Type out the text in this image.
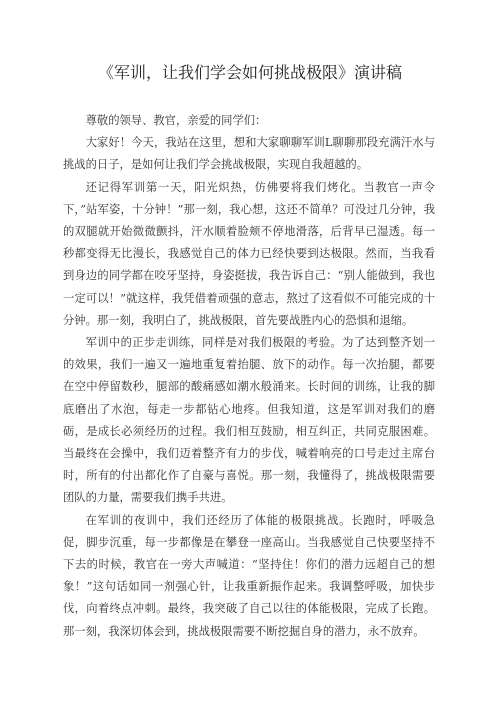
《军训，让我们学会如何挑战极限》演讲稿

尊敬的领导、教官，亲爱的同学们：

大家好！今天，我站在这里，想和大家聊聊军训L聊聊那段充满汗水与挑战的日子，是如何让我们学会挑战极限，实现自我超越的。

还记得军训第一天，阳光炽热，仿佛要将我们烤化。当教官一声令下，”站军姿，十分钟！”那一刻，我心想，这还不简单？可没过几分钟，我的双腿就开始微微颤抖，汗水顺着脸颊不停地滑落，后背早已湿透。每一秒都变得无比漫长，我感觉自己的体力已经快要到达极限。然而，当我看到身边的同学都在咬牙坚持，身姿挺拔，我告诉自己：“别人能做到，我也一定可以！”就这样，我凭借着顽强的意志，熬过了这看似不可能完成的十分钟。那一刻，我明白了，挑战极限，首先要战胜内心的恐惧和退缩。

军训中的正步走训练，同样是对我们极限的考验。为了达到整齐划一的效果，我们一遍又一遍地重复着抬腿、放下的动作。每一次抬腿，都要在空中停留数秒，腿部的酸痛感如潮水般涌来。长时间的训练，让我的脚底磨出了水泡，每走一步都钻心地疼。但我知道，这是军训对我们的磨砺，是成长必须经历的过程。我们相互鼓励，相互纠正，共同克服困难。当最终在会操中，我们迈着整齐有力的步伐，喊着响亮的口号走过主席台时，所有的付出都化作了自豪与喜悦。那一刻，我懂得了，挑战极限需要团队的力量，需要我们携手共进。

在军训的夜训中，我们还经历了体能的极限挑战。长跑时，呼吸急促，脚步沉重，每一步都像是在攀登一座高山。当我感觉自己快要坚持不下去的时候，教官在一旁大声喊道：“坚持住！你们的潜力远超自己的想象！”这句话如同一剂强心针，让我重新振作起来。我调整呼吸，加快步伐，向着终点冲刺。最终，我突破了自己以往的体能极限，完成了长跑。那一刻，我深切体会到，挑战极限需要不断挖掘自身的潜力，永不放弃。
